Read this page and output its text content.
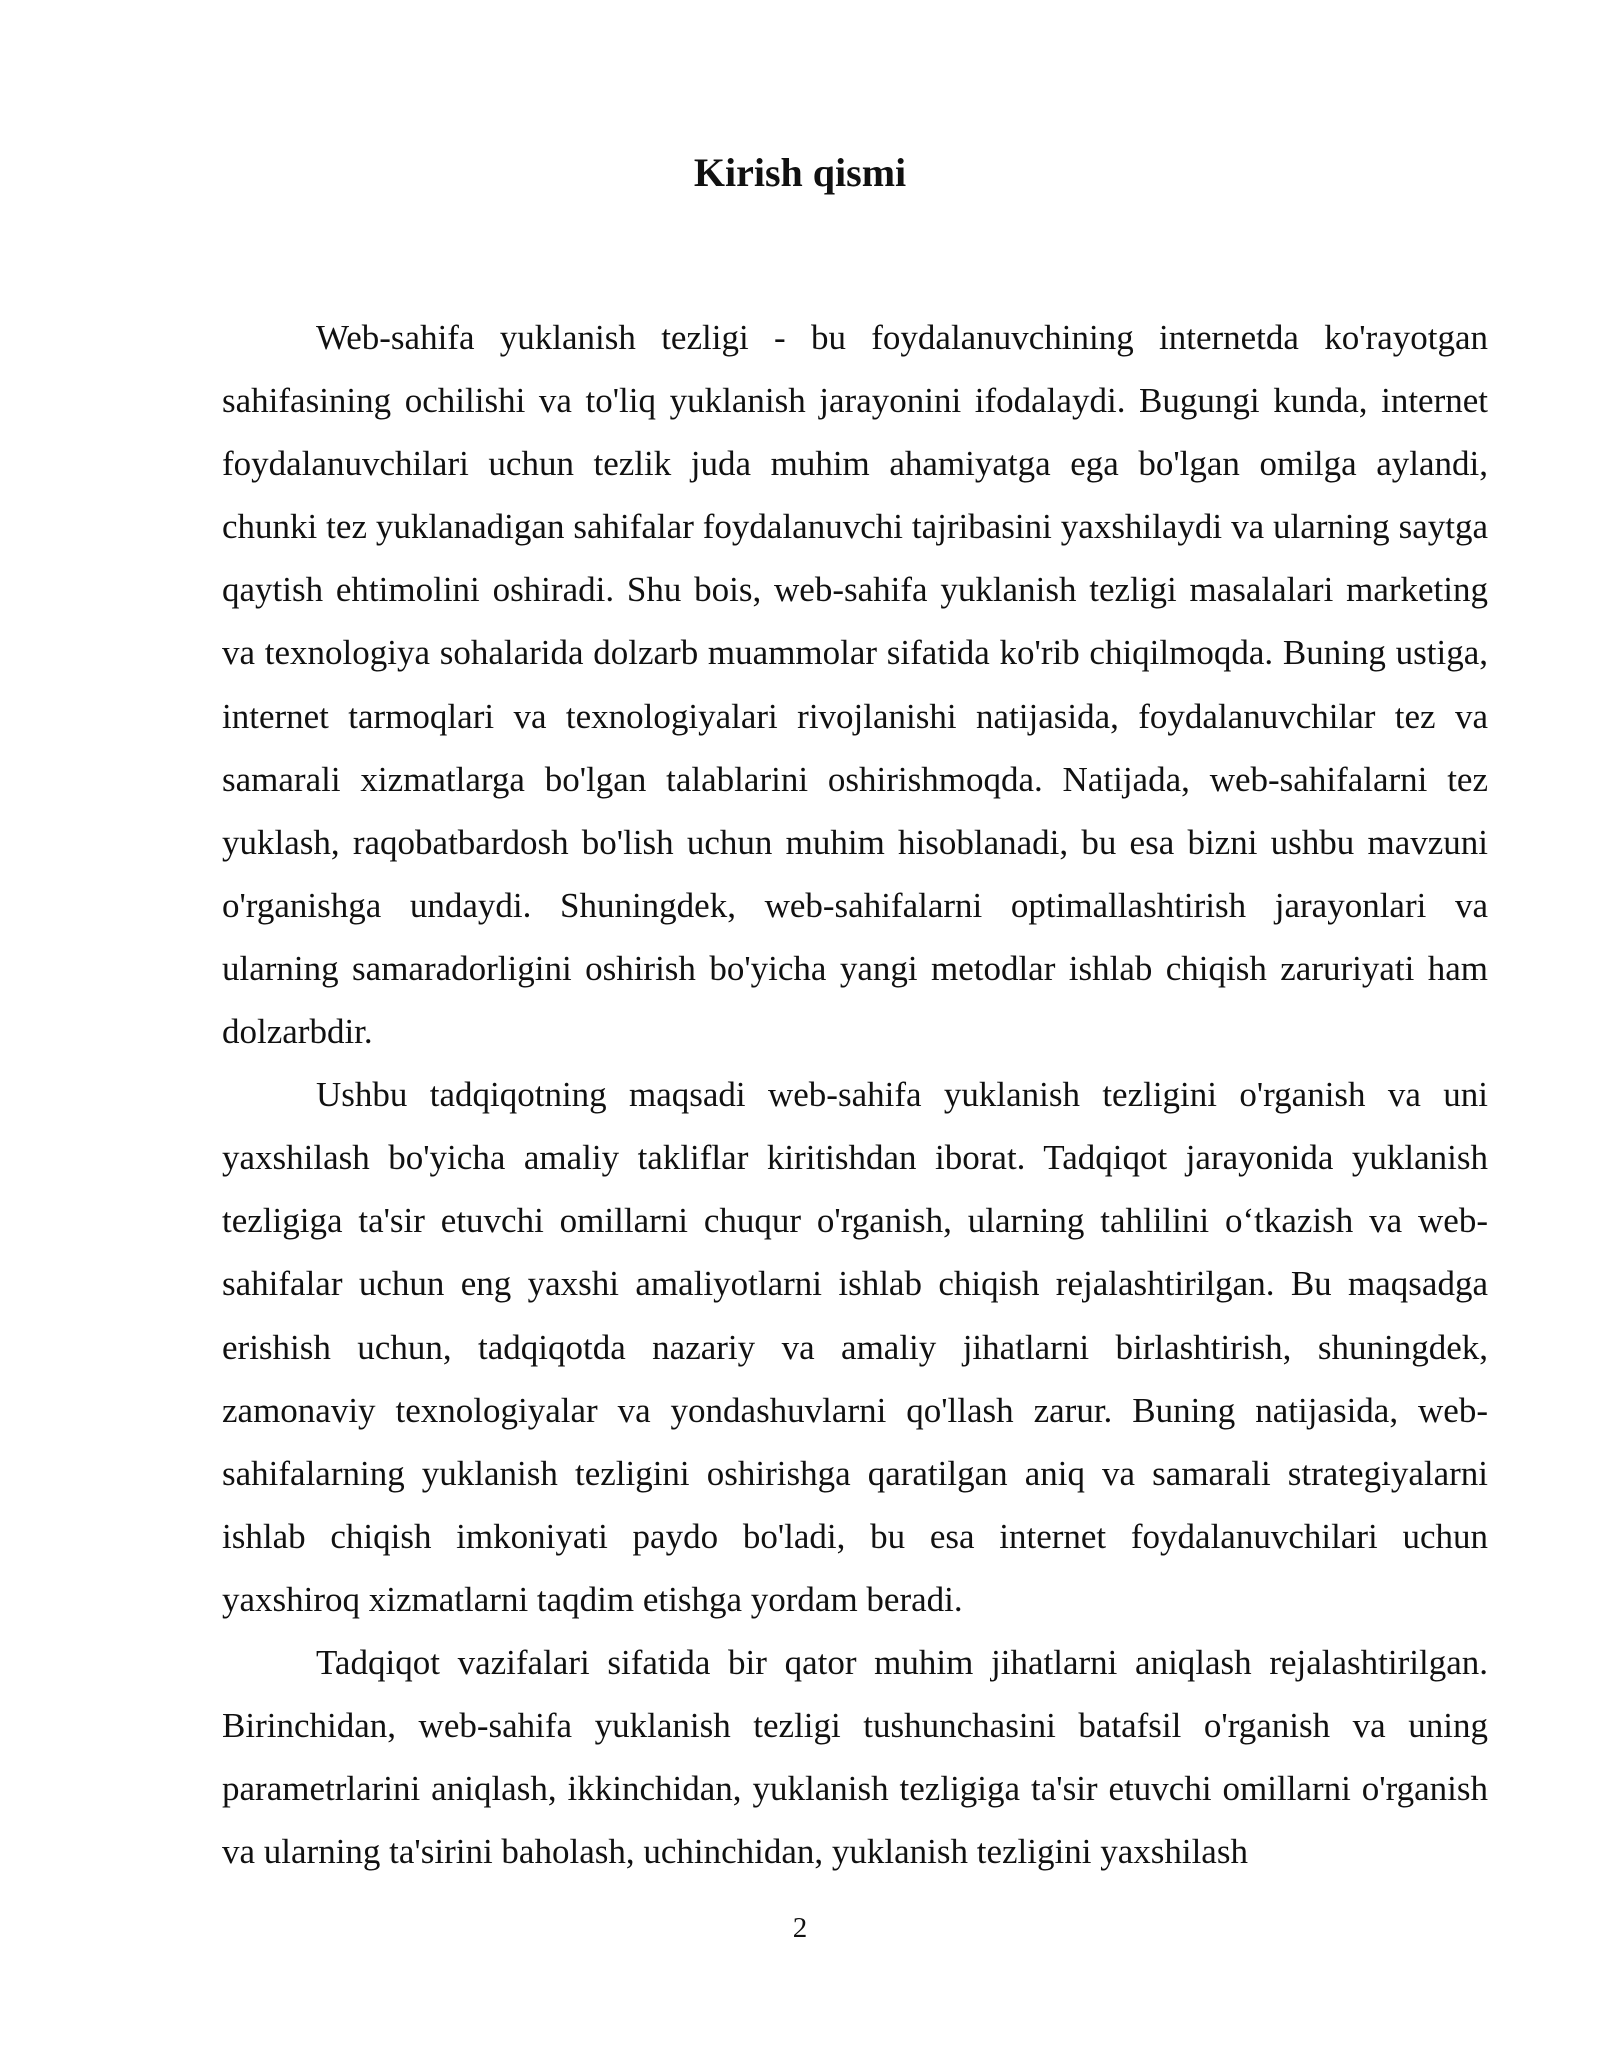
Kirish qismi

Web-sahifa yuklanish tezligi - bu foydalanuvchining internetda ko'rayotgan sahifasining ochilishi va to'liq yuklanish jarayonini ifodalaydi. Bugungi kunda, internet foydalanuvchilari uchun tezlik juda muhim ahamiyatga ega bo'lgan omilga aylandi, chunki tez yuklanadigan sahifalar foydalanuvchi tajribasini yaxshilaydi va ularning saytga qaytish ehtimolini oshiradi. Shu bois, web-sahifa yuklanish tezligi masalalari marketing va texnologiya sohalarida dolzarb muammolar sifatida ko'rib chiqilmoqda. Buning ustiga, internet tarmoqlari va texnologiyalari rivojlanishi natijasida, foydalanuvchilar tez va samarali xizmatlarga bo'lgan talablarini oshirishmoqda. Natijada, web-sahifalarni tez yuklash, raqobatbardosh bo'lish uchun muhim hisoblanadi, bu esa bizni ushbu mavzuni o'rganishga undaydi. Shuningdek, web-sahifalarni optimallashtirish jarayonlari va ularning samaradorligini oshirish bo'yicha yangi metodlar ishlab chiqish zaruriyati ham dolzarbdir.

Ushbu tadqiqotning maqsadi web-sahifa yuklanish tezligini o'rganish va uni yaxshilash bo'yicha amaliy takliflar kiritishdan iborat. Tadqiqot jarayonida yuklanish tezligiga ta'sir etuvchi omillarni chuqur o'rganish, ularning tahlilini o‘tkazish va web-sahifalar uchun eng yaxshi amaliyotlarni ishlab chiqish rejalashtirilgan. Bu maqsadga erishish uchun, tadqiqotda nazariy va amaliy jihatlarni birlashtirish, shuningdek, zamonaviy texnologiyalar va yondashuvlarni qo'llash zarur. Buning natijasida, web-sahifalarning yuklanish tezligini oshirishga qaratilgan aniq va samarali strategiyalarni ishlab chiqish imkoniyati paydo bo'ladi, bu esa internet foydalanuvchilari uchun yaxshiroq xizmatlarni taqdim etishga yordam beradi.

Tadqiqot vazifalari sifatida bir qator muhim jihatlarni aniqlash rejalashtirilgan. Birinchidan, web-sahifa yuklanish tezligi tushunchasini batafsil o'rganish va uning parametrlarini aniqlash, ikkinchidan, yuklanish tezligiga ta'sir etuvchi omillarni o'rganish va ularning ta'sirini baholash, uchinchidan, yuklanish tezligini yaxshilash

2
